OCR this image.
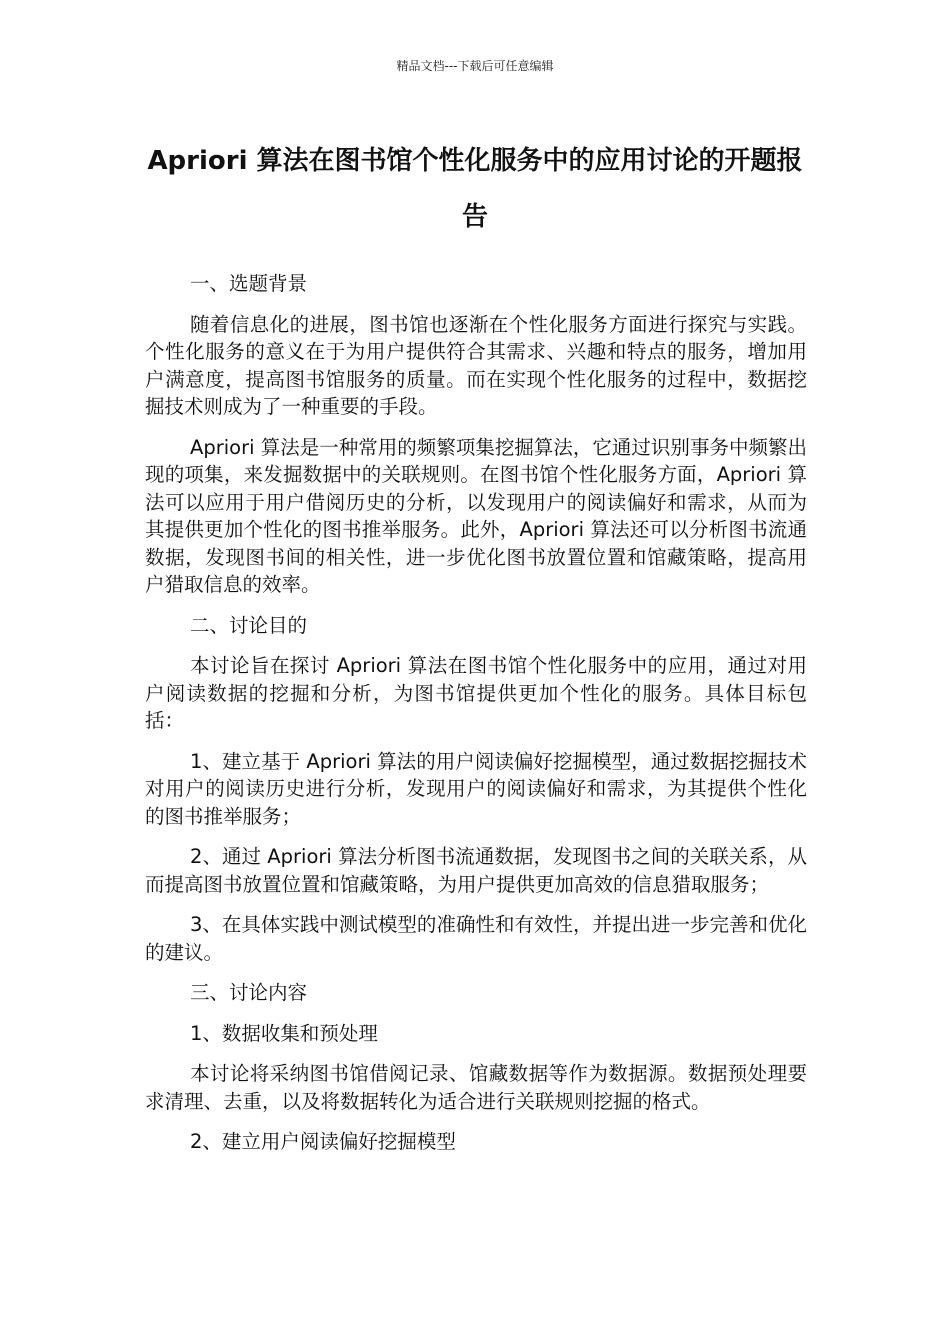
精品文档---下载后可任意编辑
Apriori 算法在图书馆个性化服务中的应用讨论的开题报告

一、选题背景

随着信息化的进展，图书馆也逐渐在个性化服务方面进行探究与实践。个性化服务的意义在于为用户提供符合其需求、兴趣和特点的服务，增加用户满意度，提高图书馆服务的质量。而在实现个性化服务的过程中，数据挖掘技术则成为了一种重要的手段。

Apriori 算法是一种常用的频繁项集挖掘算法，它通过识别事务中频繁出现的项集，来发掘数据中的关联规则。在图书馆个性化服务方面，Apriori 算法可以应用于用户借阅历史的分析，以发现用户的阅读偏好和需求，从而为其提供更加个性化的图书推举服务。此外，Apriori 算法还可以分析图书流通数据，发现图书间的相关性，进一步优化图书放置位置和馆藏策略，提高用户猎取信息的效率。

二、讨论目的

本讨论旨在探讨 Apriori 算法在图书馆个性化服务中的应用，通过对用户阅读数据的挖掘和分析，为图书馆提供更加个性化的服务。具体目标包括：

1、建立基于 Apriori 算法的用户阅读偏好挖掘模型，通过数据挖掘技术对用户的阅读历史进行分析，发现用户的阅读偏好和需求，为其提供个性化的图书推举服务；

2、通过 Apriori 算法分析图书流通数据，发现图书之间的关联关系，从而提高图书放置位置和馆藏策略，为用户提供更加高效的信息猎取服务；

3、在具体实践中测试模型的准确性和有效性，并提出进一步完善和优化的建议。

三、讨论内容

1、数据收集和预处理

本讨论将采纳图书馆借阅记录、馆藏数据等作为数据源。数据预处理要求清理、去重，以及将数据转化为适合进行关联规则挖掘的格式。

2、建立用户阅读偏好挖掘模型
